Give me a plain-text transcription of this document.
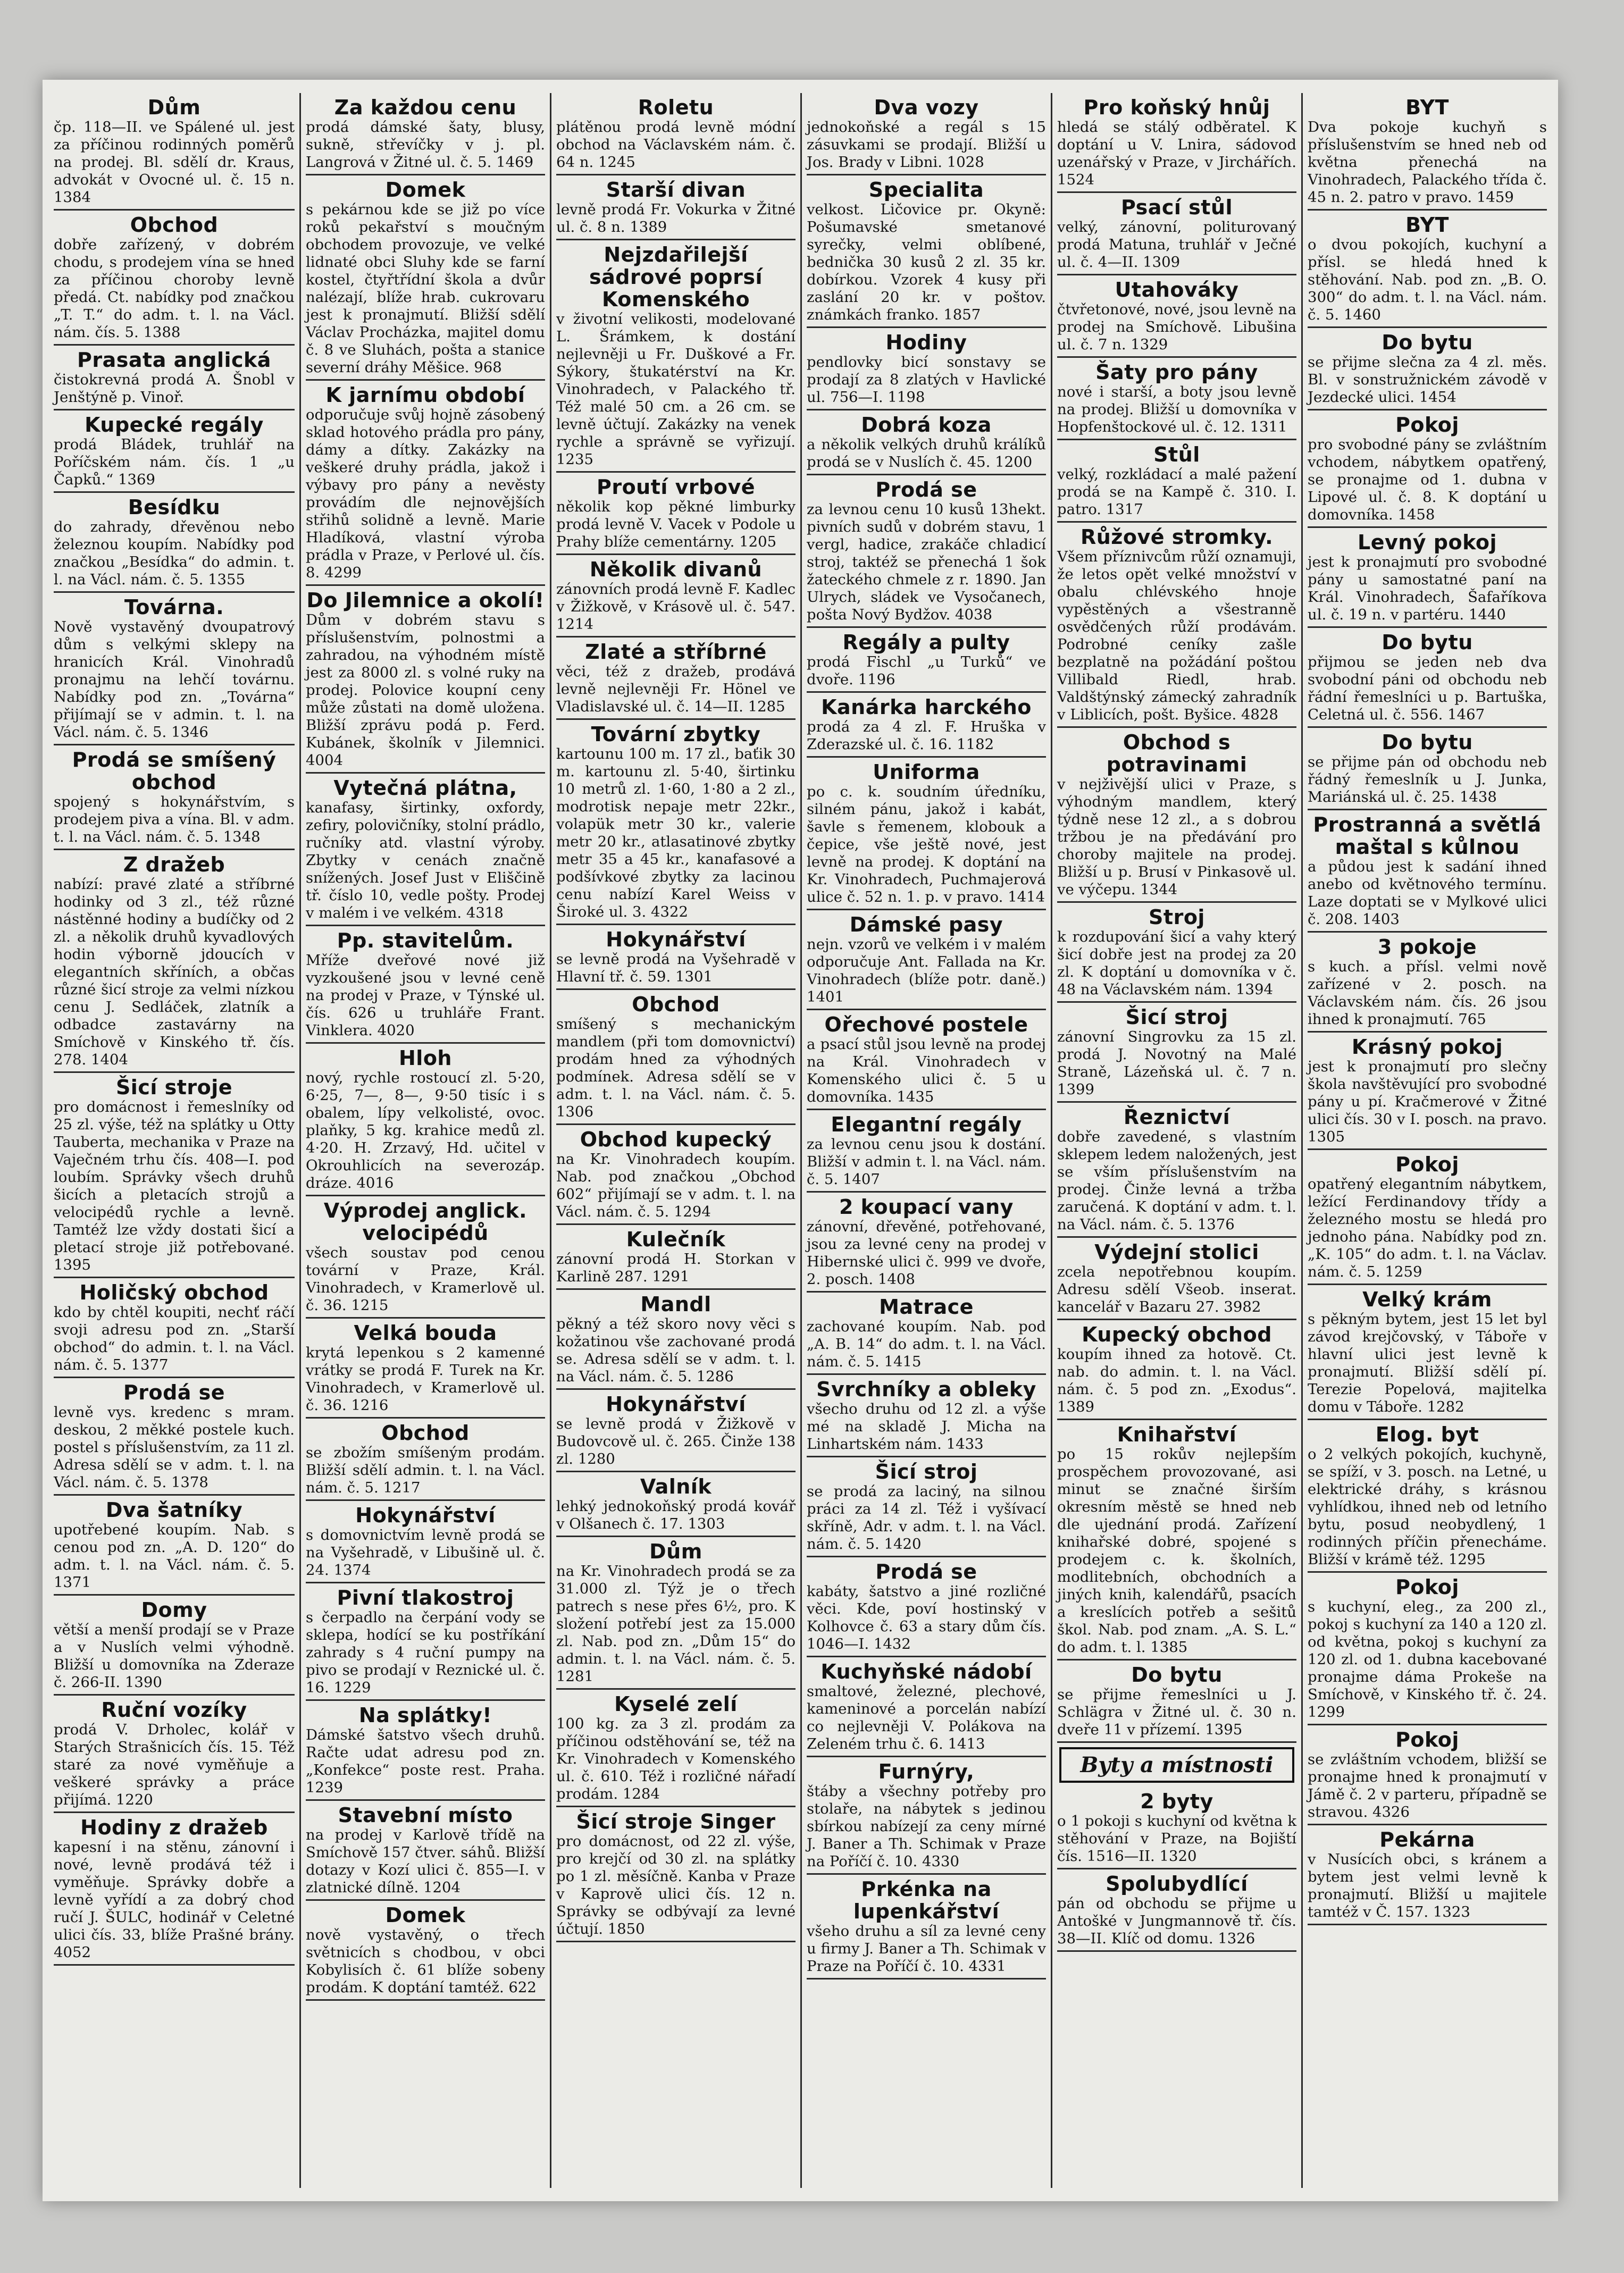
Dům

čp. 118—II. ve Spálené ul. jest za příčinou rodinných poměrů na prodej. Bl. sdělí dr. Kraus, advokát v Ovocné ul. č. 15 n. 1384

Obchod

dobře zařízený, v dobrém chodu, s prodejem vína se hned za příčinou choroby levně předá. Ct. nabídky pod značkou „T. T.“ do adm. t. l. na Václ. nám. čís. 5. 1388

Prasata anglická

čistokrevná prodá A. Šnobl v Jenštýně p. Vinoř.

Kupecké regály

prodá Bládek, truhlář na Poříčském nám. čís. 1 „u Čapků.“ 1369

Besídku

do zahrady, dřevěnou nebo železnou koupím. Nabídky pod značkou „Besídka“ do admin. t. l. na Václ. nám. č. 5. 1355

Továrna.

Nově vystavěný dvoupatrový dům s velkými sklepy na hranicích Král. Vinohradů pronajmu na lehčí továrnu. Nabídky pod zn. „Továrna“ přijímají se v admin. t. l. na Václ. nám. č. 5. 1346

Prodá se smíšený obchod

spojený s hokynářstvím, s prodejem piva a vína. Bl. v adm. t. l. na Václ. nám. č. 5. 1348

Z dražeb

nabízí: pravé zlaté a stříbrné hodinky od 3 zl., též různé nástěnné hodiny a budíčky od 2 zl. a několik druhů kyvadlových hodin výborně jdoucích v elegantních skříních, a občas různé šicí stroje za velmi nízkou cenu J. Sedláček, zlatník a odbadce zastavárny na Smíchově v Kinského tř. čís. 278. 1404

Šicí stroje

pro domácnost i řemeslníky od 25 zl. výše, též na splátky u Otty Tauberta, mechanika v Praze na Vaječném trhu čís. 408—I. pod loubím. Správky všech druhů šicích a pletacích strojů a velocipédů rychle a levně. Tamtéž lze vždy dostati šicí a pletací stroje již potřebované. 1395

Holičský obchod

kdo by chtěl koupiti, nechť ráčí svoji adresu pod zn. „Starší obchod“ do admin. t. l. na Václ. nám. č. 5. 1377

Prodá se

levně vys. kredenc s mram. deskou, 2 měkké postele kuch. postel s příslušenstvím, za 11 zl. Adresa sdělí se v adm. t. l. na Václ. nám. č. 5. 1378

Dva šatníky

upotřebené koupím. Nab. s cenou pod zn. „A. D. 120“ do adm. t. l. na Václ. nám. č. 5. 1371

Domy

větší a menší prodají se v Praze a v Nuslích velmi výhodně. Bližší u domovníka na Zderaze č. 266-II. 1390

Ruční vozíky

prodá V. Drholec, kolář v Starých Strašnicích čís. 15. Též staré za nové vyměňuje a veškeré správky a práce přijímá. 1220

Hodiny z dražeb

kapesní i na stěnu, zánovní i nové, levně prodává též i vyměňuje. Správky dobře a levně vyřídí a za dobrý chod ručí J. ŠULC, hodinář v Celetné ulici čís. 33, blíže Prašné brány. 4052

Za každou cenu

prodá dámské šaty, blusy, sukně, střevíčky v j. pl. Langrová v Žitné ul. č. 5. 1469

Domek

s pekárnou kde se již po více roků pekařství s moučným obchodem provozuje, ve velké lidnaté obci Sluhy kde se farní kostel, čtyřtřídní škola a dvůr nalézají, blíže hrab. cukrovaru jest k pronajmutí. Bližší sdělí Václav Procházka, majitel domu č. 8 ve Sluhách, pošta a stanice severní dráhy Měšice. 968

K jarnímu období

odporučuje svůj hojně zásobený sklad hotového prádla pro pány, dámy a dítky. Zakázky na veškeré druhy prádla, jakož i výbavy pro pány a nevěsty provádím dle nejnovějších střihů solidně a levně. Marie Hladíková, vlastní výroba prádla v Praze, v Perlové ul. čís. 8. 4299

Do Jilemnice a okolí!

Dům v dobrém stavu s příslušenstvím, polnostmi a zahradou, na výhodném místě jest za 8000 zl. s volné ruky na prodej. Polovice koupní ceny může zůstati na domě uložena. Bližší zprávu podá p. Ferd. Kubánek, školník v Jilemnici. 4004

Vytečná plátna,

kanafasy, širtinky, oxfordy, zefiry, polovičníky, stolní prádlo, ručníky atd. vlastní výroby. Zbytky v cenách značně snížených. Josef Just v Eliščině tř. číslo 10, vedle pošty. Prodej v malém i ve velkém. 4318

Pp. stavitelům.

Mříže dveřové nové již vyzkoušené jsou v levné ceně na prodej v Praze, v Týnské ul. čís. 626 u truhláře Frant. Vinklera. 4020

Hloh

nový, rychle rostoucí zl. 5·20, 6·25, 7—, 8—, 9·50 tisíc i s obalem, lípy velkolisté, ovoc. plaňky, 5 kg. krahice medů zl. 4·20. H. Zrzavý, Hd. učitel v Okrouhlicích na severozáp. dráze. 4016

Výprodej anglick. velocipédů

všech soustav pod cenou tovární v Praze, Král. Vinohradech, v Kramerlově ul. č. 36. 1215

Velká bouda

krytá lepenkou s 2 kamenné vrátky se prodá F. Turek na Kr. Vinohradech, v Kramerlově ul. č. 36. 1216

Obchod

se zbožím smíšeným prodám. Bližší sdělí admin. t. l. na Václ. nám. č. 5. 1217

Hokynářství

s domovnictvím levně prodá se na Vyšehradě, v Libušině ul. č. 24. 1374

Pivní tlakostroj

s čerpadlo na čerpání vody se sklepa, hodící se ku postříkání zahrady s 4 ruční pumpy na pivo se prodají v Reznické ul. č. 16. 1229

Na splátky!

Dámské šatstvo všech druhů. Račte udat adresu pod zn. „Konfekce“ poste rest. Praha. 1239

Stavební místo

na prodej v Karlově třídě na Smíchově 157 čtver. sáhů. Bližší dotazy v Kozí ulici č. 855—I. v zlatnické dílně. 1204

Domek

nově vystavěný, o třech světnicích s chodbou, v obci Kobylisích č. 61 blíže sobeny prodám. K doptání tamtéž. 622

Roletu

plátěnou prodá levně módní obchod na Václavském nám. č. 64 n. 1245

Starší divan

levně prodá Fr. Vokurka v Žitné ul. č. 8 n. 1389

Nejzdařilejší sádrové poprsí Komenského

v životní velikosti, modelované L. Šrámkem, k dostání nejlevněji u Fr. Duškové a Fr. Sýkory, štukatérství na Kr. Vinohradech, v Palackého tř. Též malé 50 cm. a 26 cm. se levně účtují. Zakázky na venek rychle a správně se vyřizují. 1235

Proutí vrbové

několik kop pěkné limburky prodá levně V. Vacek v Podole u Prahy blíže cementárny. 1205

Několik divanů

zánovních prodá levně F. Kadlec v Žižkově, v Krásově ul. č. 547. 1214

Zlaté a stříbrné

věci, též z dražeb, prodává levně nejlevněji Fr. Hönel ve Vladislavské ul. č. 14—II. 1285

Tovární zbytky

kartounu 100 m. 17 zl., baťik 30 m. kartounu zl. 5·40, širtinku 10 metrů zl. 1·60, 1·80 a 2 zl., modrotisk nepaje metr 22kr., volapük metr 30 kr., valerie metr 20 kr., atlasatinové zbytky metr 35 a 45 kr., kanafasové a podšívkové zbytky za lacinou cenu nabízí Karel Weiss v Široké ul. 3. 4322

Hokynářství

se levně prodá na Vyšehradě v Hlavní tř. č. 59. 1301

Obchod

smíšený s mechanickým mandlem (při tom domovnictví) prodám hned za výhodných podmínek. Adresa sdělí se v adm. t. l. na Václ. nám. č. 5. 1306

Obchod kupecký

na Kr. Vinohradech koupím. Nab. pod značkou „Obchod 602“ přijímají se v adm. t. l. na Václ. nám. č. 5. 1294

Kulečník

zánovní prodá H. Storkan v Karlině 287. 1291

Mandl

pěkný a též skoro novy věci s kožatinou vše zachované prodá se. Adresa sdělí se v adm. t. l. na Václ. nám. č. 5. 1286

Hokynářství

se levně prodá v Žižkově v Budovcově ul. č. 265. Činže 138 zl. 1280

Valník

lehký jednokoňský prodá kovář v Olšanech č. 17. 1303

Dům

na Kr. Vinohradech prodá se za 31.000 zl. Týž je o třech patrech s nese přes 6½, pro. K složení potřebí jest za 15.000 zl. Nab. pod zn. „Dům 15“ do admin. t. l. na Václ. nám. č. 5. 1281

Kyselé zelí

100 kg. za 3 zl. prodám za příčinou odstěhování se, též na Kr. Vinohradech v Komenského ul. č. 610. Též i rozličné nářadí prodám. 1284

Šicí stroje Singer

pro domácnost, od 22 zl. výše, pro krejčí od 30 zl. na splátky po 1 zl. měsíčně. Kanba v Praze v Kaprově ulici čís. 12 n. Správky se odbývají za levné účtují. 1850

Dva vozy

jednokoňské a regál s 15 zásuvkami se prodají. Bližší u Jos. Brady v Libni. 1028

Specialita

velkost. Ličovice pr. Okyně: Pošumavské smetanové syrečky, velmi oblíbené, bednička 30 kusů 2 zl. 35 kr. dobírkou. Vzorek 4 kusy při zaslání 20 kr. v poštov. známkách franko. 1857

Hodiny

pendlovky bicí sonstavy se prodají za 8 zlatých v Havlické ul. 756—I. 1198

Dobrá koza

a několik velkých druhů králíků prodá se v Nuslích č. 45. 1200

Prodá se

za levnou cenu 10 kusů 13hekt. pivních sudů v dobrém stavu, 1 vergl, hadice, zrakáče chladicí stroj, taktéž se přenechá 1 šok žateckého chmele z r. 1890. Jan Ulrych, sládek ve Vysočanech, pošta Nový Bydžov. 4038

Regály a pulty

prodá Fischl „u Turků“ ve dvoře. 1196

Kanárka harckého

prodá za 4 zl. F. Hruška v Zderazské ul. č. 16. 1182

Uniforma

po c. k. soudním úředníku, silném pánu, jakož i kabát, šavle s řemenem, klobouk a čepice, vše ještě nové, jest levně na prodej. K doptání na Kr. Vinohradech, Puchmajerová ulice č. 52 n. 1. p. v pravo. 1414

Dámské pasy

nejn. vzorů ve velkém i v malém odporučuje Ant. Fallada na Kr. Vinohradech (blíže potr. daně.) 1401

Ořechové postele

a psací stůl jsou levně na prodej na Král. Vinohradech v Komenského ulici č. 5 u domovníka. 1435

Elegantní regály

za levnou cenu jsou k dostání. Bližší v admin t. l. na Václ. nám. č. 5. 1407

2 koupací vany

zánovní, dřevěné, potřehované, jsou za levné ceny na prodej v Hibernské ulici č. 999 ve dvoře, 2. posch. 1408

Matrace

zachované koupím. Nab. pod „A. B. 14“ do adm. t. l. na Václ. nám. č. 5. 1415

Svrchníky a obleky

všecho druhu od 12 zl. a výše mé na skladě J. Micha na Linhartském nám. 1433

Šicí stroj

se prodá za laciný, na silnou práci za 14 zl. Též i vyšívací skříně, Adr. v adm. t. l. na Václ. nám. č. 5. 1420

Prodá se

kabáty, šatstvo a jiné rozličné věci. Kde, poví hostinský v Kolhovce č. 63 a stary dům čís. 1046—I. 1432

Kuchyňské nádobí

smaltové, železné, plechové, kameninové a porcelán nabízí co nejlevněji V. Polákova na Zeleném trhu č. 6. 1413

Furnýry,

štáby a všechny potřeby pro stolaře, na nábytek s jedinou sbírkou nabízejí za ceny mírné J. Baner a Th. Schimak v Praze na Poříčí č. 10. 4330

Prkénka na lupenkářství

všeho druhu a síl za levné ceny u firmy J. Baner a Th. Schimak v Praze na Poříčí č. 10. 4331

Pro koňský hnůj

hledá se stálý odběratel. K doptání u V. Lnira, sádovod uzenářský v Praze, v Jirchářích. 1524

Psací stůl

velký, zánovní, politurovaný prodá Matuna, truhlář v Ječné ul. č. 4—II. 1309

Utahováky

čtvřetonové, nové, jsou levně na prodej na Smíchově. Libušina ul. č. 7 n. 1329

Šaty pro pány

nové i starší, a boty jsou levně na prodej. Bližší u domovníka v Hopfenštockové ul. č. 12. 1311

Stůl

velký, rozkládací a malé pažení prodá se na Kampě č. 310. I. patro. 1317

Růžové stromky.

Všem příznivcům růží oznamuji, že letos opět velké množství v obalu chlévského hnoje vypěstěných a všestranně osvědčených růží prodávám. Podrobné ceníky zašle bezplatně na požádání poštou Villibald Riedl, hrab. Valdštýnský zámecký zahradník v Liblicích, pošt. Byšice. 4828

Obchod s potravinami

v nejživější ulici v Praze, s výhodným mandlem, který týdně nese 12 zl., a s dobrou tržbou je na předávání pro choroby majitele na prodej. Bližší u p. Brusí v Pinkasově ul. ve výčepu. 1344

Stroj

k rozdupování šicí a vahy který šicí dobře jest na prodej za 20 zl. K doptání u domovníka v č. 48 na Václavském nám. 1394

Šicí stroj

zánovní Singrovku za 15 zl. prodá J. Novotný na Malé Straně, Lázeňská ul. č. 7 n. 1399

Řeznictví

dobře zavedené, s vlastním sklepem ledem naložených, jest se vším příslušenstvím na prodej. Činže levná a tržba zaručená. K doptání v adm. t. l. na Václ. nám. č. 5. 1376

Výdejní stolici

zcela nepotřebnou koupím. Adresu sdělí Všeob. inserat. kancelář v Bazaru 27. 3982

Kupecký obchod

koupím ihned za hotově. Ct. nab. do admin. t. l. na Václ. nám. č. 5 pod zn. „Exodus“. 1389

Knihařství

po 15 rokův nejlepším prospěchem provozované, asi minut se značné širším okresním městě se hned neb dle ujednání prodá. Zařízení knihařské dobré, spojené s prodejem c. k. školních, modlitebních, obchodních a jiných knih, kalendářů, psacích a kreslících potřeb a sešitů škol. Nab. pod znam. „A. S. L.“ do adm. t. l. 1385

Do bytu

se přijme řemeslníci u J. Schlägra v Žitné ul. č. 30 n. dveře 11 v přízemí. 1395

Byty a místnosti
2 byty

o 1 pokoji s kuchyní od května k stěhování v Praze, na Bojiští čís. 1516—II. 1320

Spolubydlící

pán od obchodu se přijme u Antošké v Jungmannově tř. čís. 38—II. Klíč od domu. 1326

BYT

Dva pokoje kuchyň s příslušenstvím se hned neb od května přenechá na Vinohradech, Palackého třída č. 45 n. 2. patro v pravo. 1459

BYT

o dvou pokojích, kuchyní a přísl. se hledá hned k stěhování. Nab. pod zn. „B. O. 300“ do adm. t. l. na Václ. nám. č. 5. 1460

Do bytu

se přijme slečna za 4 zl. měs. Bl. v sonstružnickém závodě v Jezdecké ulici. 1454

Pokoj

pro svobodné pány se zvláštním vchodem, nábytkem opatřený, se pronajme od 1. dubna v Lipové ul. č. 8. K doptání u domovníka. 1458

Levný pokoj

jest k pronajmutí pro svobodné pány u samostatné paní na Král. Vinohradech, Šafaříkova ul. č. 19 n. v partéru. 1440

Do bytu

přijmou se jeden neb dva svobodní páni od obchodu neb řádní řemeslníci u p. Bartuška, Celetná ul. č. 556. 1467

Do bytu

se přijme pán od obchodu neb řádný řemeslník u J. Junka, Mariánská ul. č. 25. 1438

Prostranná a světlá maštal s kůlnou

a půdou jest k sadání ihned anebo od květnového termínu. Laze doptati se v Mylkové ulici č. 208. 1403

3 pokoje

s kuch. a přísl. velmi nově zařízené v 2. posch. na Václavském nám. čís. 26 jsou ihned k pronajmutí. 765

Krásný pokoj

jest k pronajmutí pro slečny škola navštěvující pro svobodné pány u pí. Kračmerové v Žitné ulici čís. 30 v I. posch. na pravo. 1305

Pokoj

opatřený elegantním nábytkem, ležící Ferdinandovy třídy a železného mostu se hledá pro jednoho pána. Nabídky pod zn. „K. 105“ do adm. t. l. na Václav. nám. č. 5. 1259

Velký krám

s pěkným bytem, jest 15 let byl závod krejčovský, v Táboře v hlavní ulici jest levně k pronajmutí. Bližší sdělí pí. Terezie Popelová, majitelka domu v Táboře. 1282

Elog. byt

o 2 velkých pokojích, kuchyně, se spíží, v 3. posch. na Letné, u elektrické dráhy, s krásnou vyhlídkou, ihned neb od letního bytu, posud neobydlený, 1 rodinných příčin přenecháme. Bližší v krámě též. 1295

Pokoj

s kuchyní, eleg., za 200 zl., pokoj s kuchyní za 140 a 120 zl. od května, pokoj s kuchyní za 120 zl. od 1. dubna kacebované pronajme dáma Prokeše na Smíchově, v Kinského tř. č. 24. 1299

Pokoj

se zvláštním vchodem, bližší se pronajme hned k pronajmutí v Jámě č. 2 v parteru, případně se stravou. 4326

Pekárna

v Nusících obci, s kránem a bytem jest velmi levně k pronajmutí. Bližší u majitele tamtéž v Č. 157. 1323
